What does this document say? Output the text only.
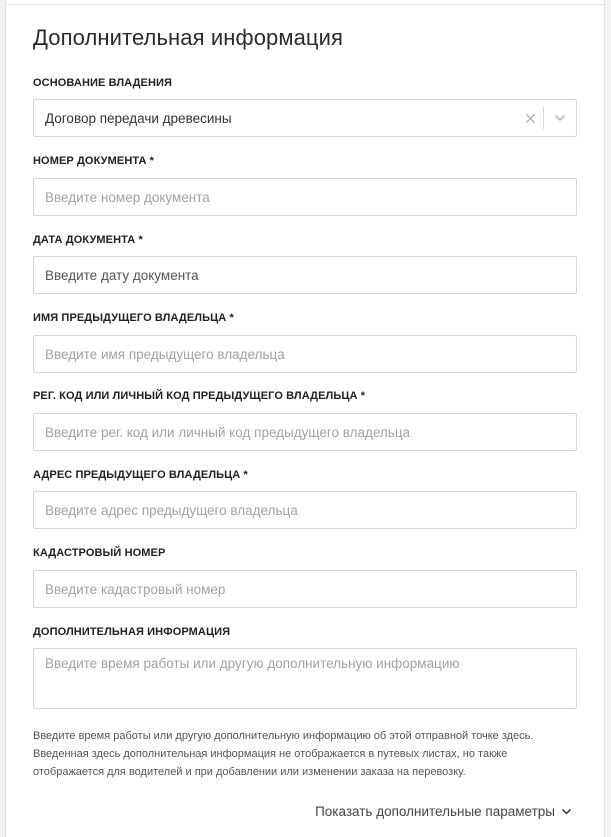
Дополнительная информация
ОСНОВАНИЕ ВЛАДЕНИЯ
Договор передачи древесины
НОМЕР ДОКУМЕНТА *
Введите номер документа
ДАТА ДОКУМЕНТА *
Введите дату документа
ИМЯ ПРЕДЫДУЩЕГО ВЛАДЕЛЬЦА *
Введите имя предыдущего владельца
РЕГ. КОД ИЛИ ЛИЧНЫЙ КОД ПРЕДЫДУЩЕГО ВЛАДЕЛЬЦА *
Введите рег. код или личный код предыдущего владельца
АДРЕС ПРЕДЫДУЩЕГО ВЛАДЕЛЬЦА *
Введите адрес предыдущего владельца
КАДАСТРОВЫЙ НОМЕР
Введите кадастровый номер
ДОПОЛНИТЕЛЬНАЯ ИНФОРМАЦИЯ
Введите время работы или другую дополнительную информацию
Введите время работы или другую дополнительную информацию об этой отправной точке здесь. Введенная здесь дополнительная информация не отображается в путевых листах, но также отображается для водителей и при добавлении или изменении заказа на перевозку.
Показать дополнительные параметры
